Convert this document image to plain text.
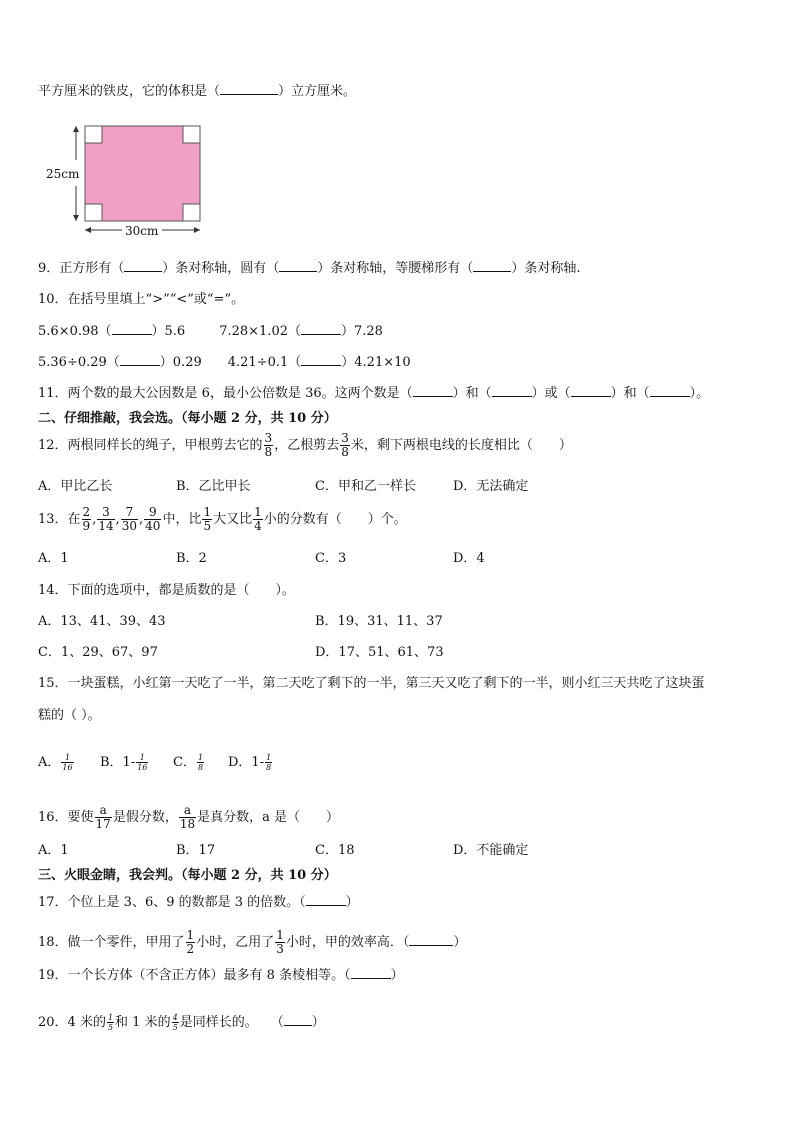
平方厘米的铁皮，它的体积是（	）立方厘米。
25cm
30cm
9．正方形有（	）条对称轴，圆有（	）条对称轴，等腰梯形有（	）条对称轴.
10．在括号里填上“>”“<”或“=”。
5.6×0.98（	）5.6	7.28×1.02（	）7.28
5.36÷0.29（	）0.29 4.21÷0.1（	）4.21×10
11．两个数的最大公因数是 6，最小公倍数是 36。这两个数是（	）和（	）或（	）和（	）。
二、仔细推敲，我会选。（每小题 2 分，共 10 分）
12．两根同样长的绳子，甲根剪去它的 $\frac{3}{8}$ ，乙根剪去 $\frac{3}{8}$ 米，剩下两根电线的长度相比（　　）
A．甲比乙长	B．乙比甲长	C．甲和乙一样长	D．无法确定
13．在 $\frac{2}{9}$ , $\frac{3}{14}$ , $\frac{7}{30}$ , $\frac{9}{40}$ 中，比 $\frac{1}{5}$ 大又比 $\frac{1}{4}$ 小的分数有（　　）个。
A．1	B．2	C．3	D．4
14．下面的选项中，都是质数的是（　　）。
A．13、41、39、43	B．19、31、11、37
C．1、29、67、97	D．17、51、61、73
15．一块蛋糕，小红第一天吃了一半，第二天吃了剩下的一半，第三天又吃了剩下的一半，则小红三天共吃了这块蛋
糕的（ ）。
A． $\frac{1}{16}$ B．$1- \frac{1}{16}$ C． $\frac{1}{8}$ D．$1- \frac{1}{8}$
16．要使 $\frac{a}{17}$ 是假分数， $\frac{a}{18}$ 是真分数，a 是（　　）
A．1	B．17	C．18	D．不能确定
三、火眼金睛，我会判。（每小题 2 分，共 10 分）
17．个位上是 3、6、9 的数都是 3 的倍数。（	）
18．做一个零件，甲用了 $\frac{1}{2}$ 小时，乙用了 $\frac{1}{3}$ 小时，甲的效率高．（	）
19．一个长方体（不含正方体）最多有 8 条棱相等。（	）
20．4 米的 $\frac{1}{5}$ 和 1 米的 $\frac{4}{5}$ 是同样长的。　　（ ）
